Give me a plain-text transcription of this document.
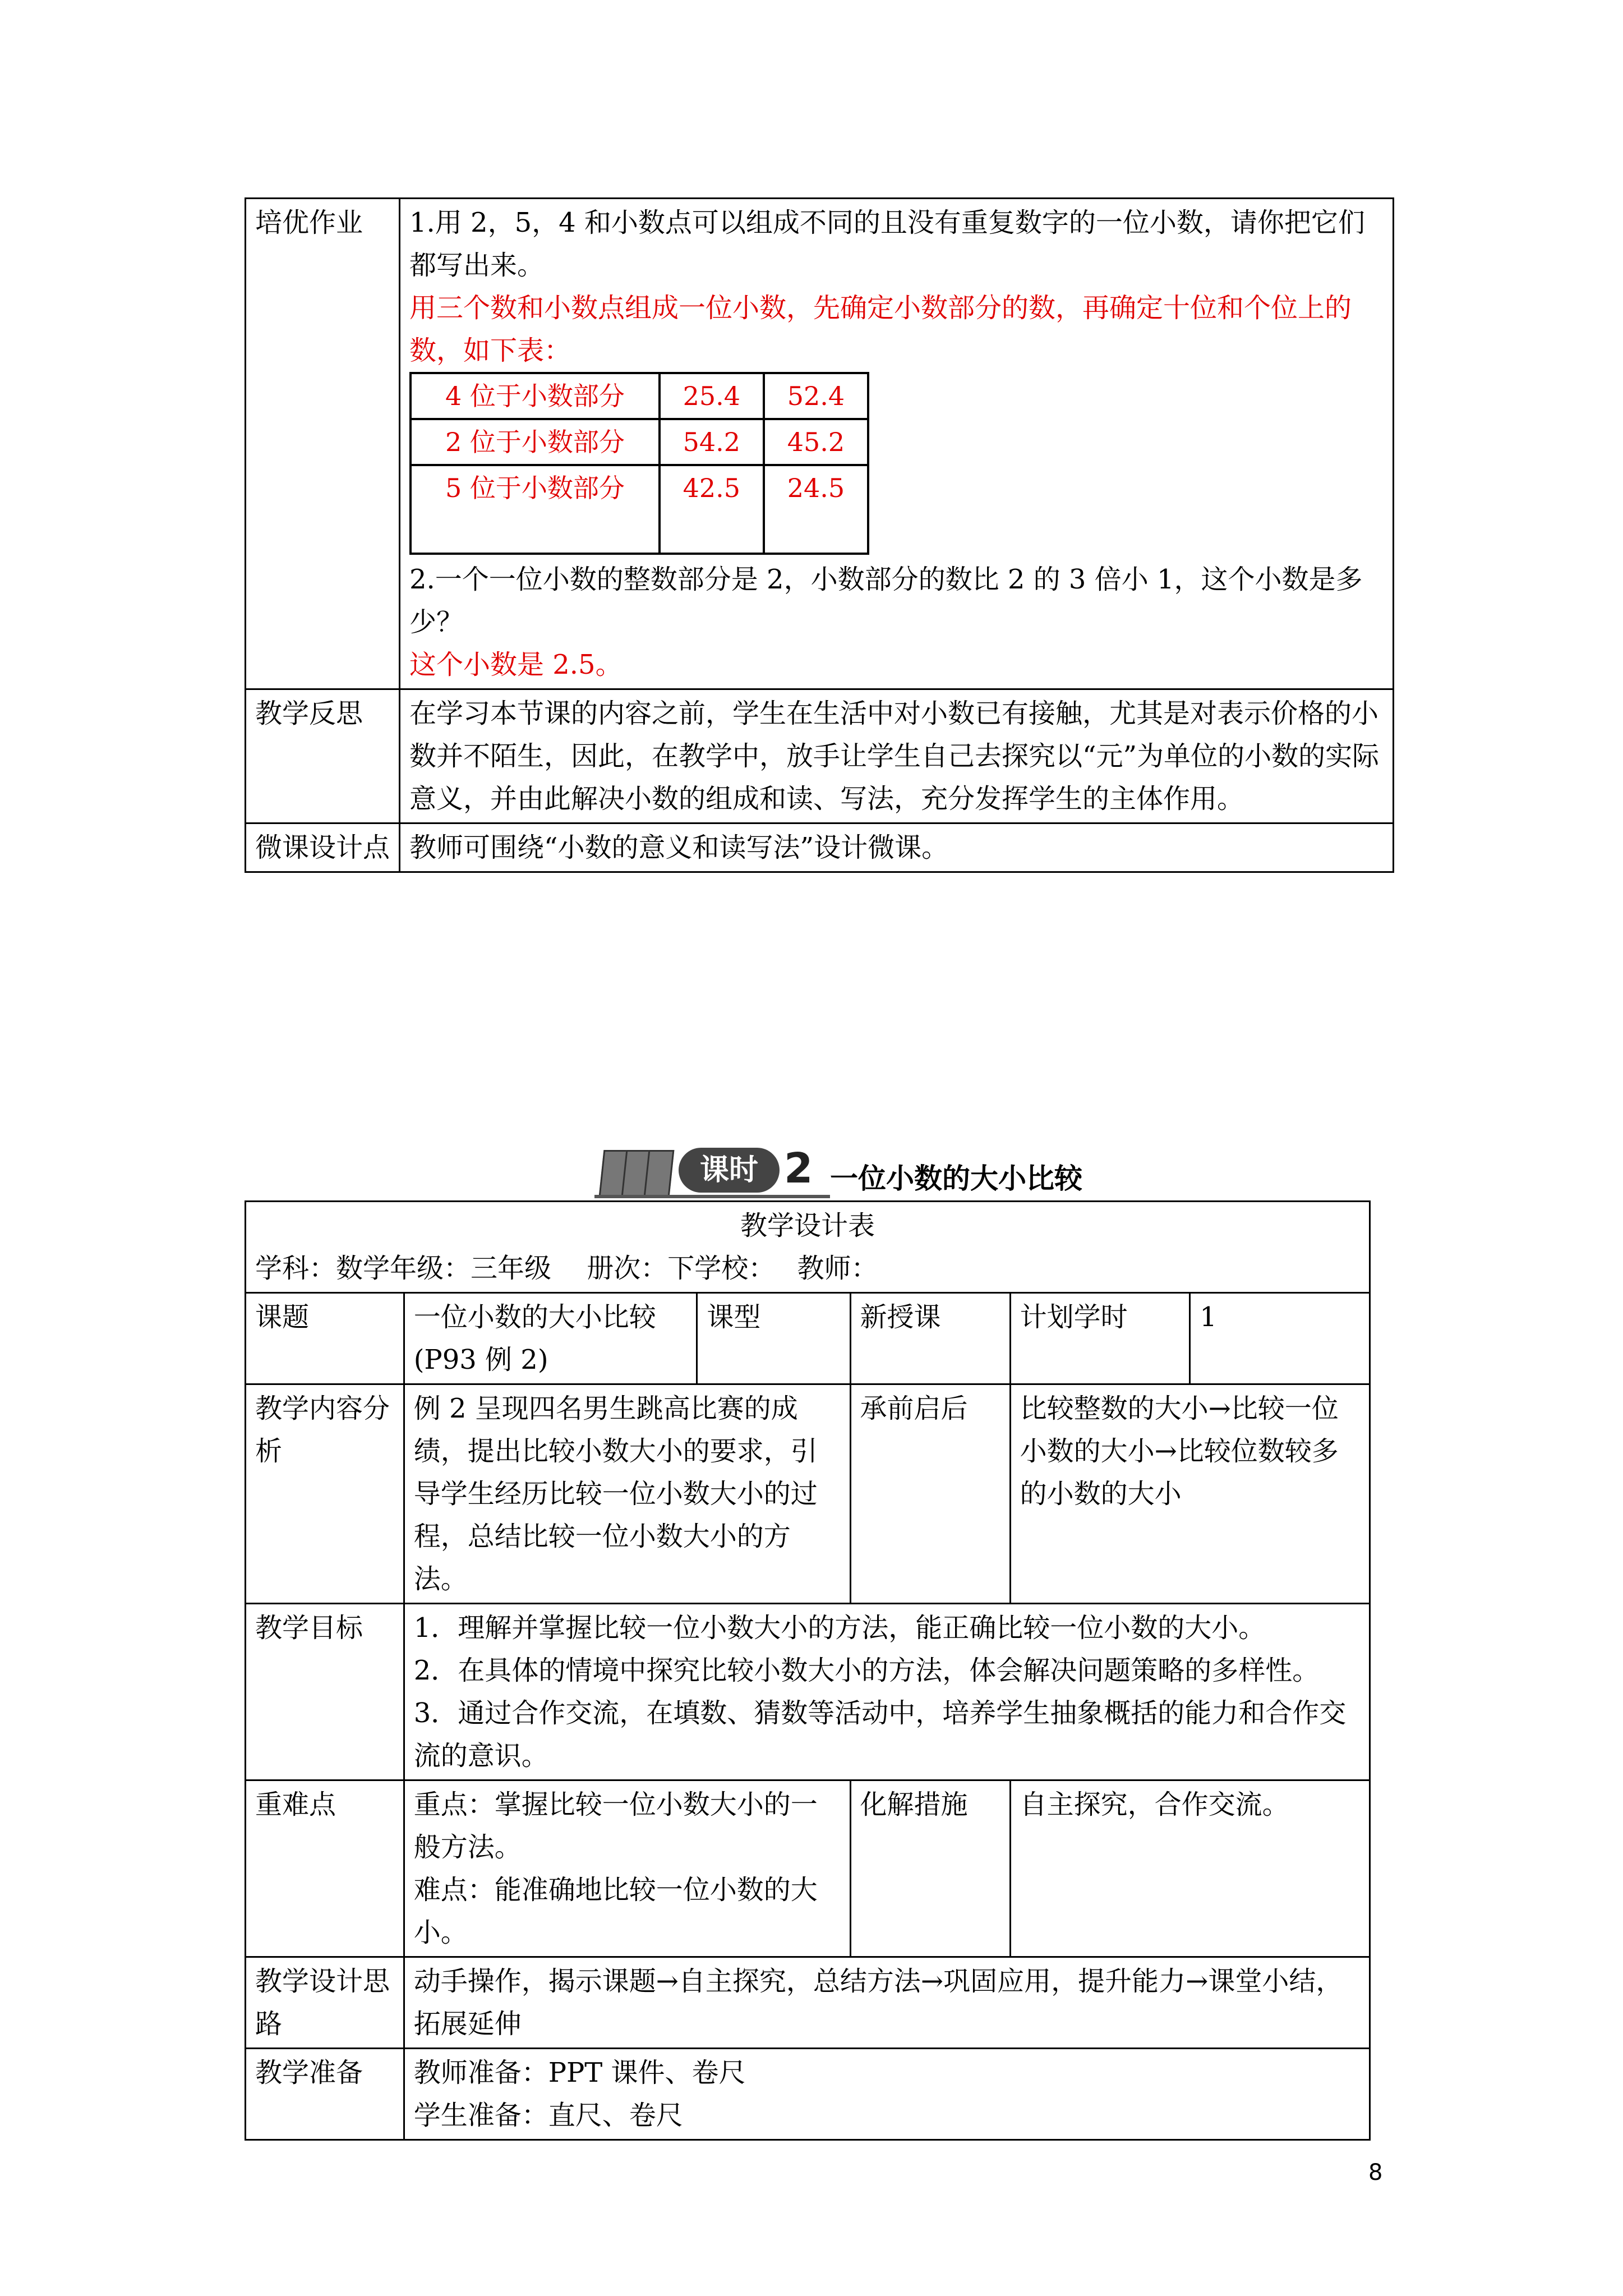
培优作业	1.用 2，5，4 和小数点可以组成不同的且没有重复数字的一位小数，请你把它们都写出来。

用三个数和小数点组成一位小数，先确定小数部分的数，再确定十位和个位上的数，如下表：

4 位于小数部分	25.4	52.4
2 位于小数部分	54.2	45.2
5 位于小数部分	42.5	24.5

2.一个一位小数的整数部分是 2，小数部分的数比 2 的 3 倍小 1，这个小数是多少？

这个小数是 2.5。

教学反思	在学习本节课的内容之前，学生在生活中对小数已有接触，尤其是对表示价格的小数并不陌生，因此，在教学中，放手让学生自己去探究以“元”为单位的小数的实际意义，并由此解决小数的组成和读、写法，充分发挥学生的主体作用。
微课设计点	教师可围绕“小数的意义和读写法”设计微课。
课时 2 一位小数的大小比较
教学设计表
学科：数学年级：三年级　 册次：下学校：　 教师：					

课题	一位小数的大小比较(P93 例 2)	课型	新授课	计划学时	1
教学内容分析	例 2 呈现四名男生跳高比赛的成绩，提出比较小数大小的要求，引导学生经历比较一位小数大小的过程，总结比较一位小数大小的方法。		承前启后	比较整数的大小→比较一位小数的大小→比较位数较多的小数的大小	
教学目标	1．理解并掌握比较一位小数大小的方法，能正确比较一位小数的大小。

2．在具体的情境中探究比较小数大小的方法，体会解决问题策略的多样性。

3．通过合作交流，在填数、猜数等活动中，培养学生抽象概括的能力和合作交流的意识。				

重难点	重点：掌握比较一位小数大小的一般方法。

难点：能准确地比较一位小数的大小。		化解措施	自主探究，合作交流。	
教学设计思路	动手操作，揭示课题→自主探究，总结方法→巩固应用，提升能力→课堂小结，拓展延伸				
教学准备	教师准备：PPT 课件、卷尺

学生准备：直尺、卷尺				

8
